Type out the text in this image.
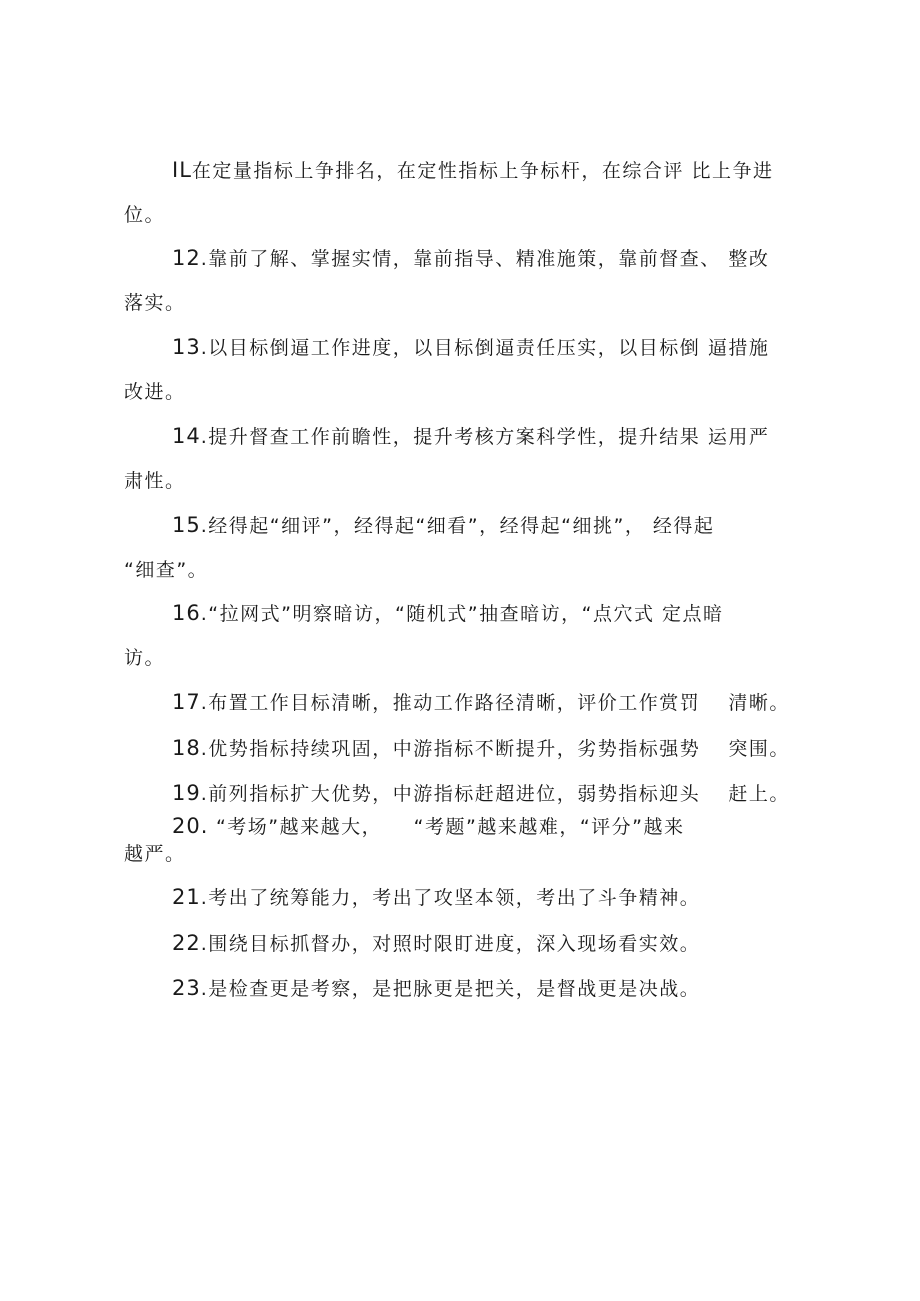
IL在定量指标上争排名，在定性指标上争标杆，在综合评 比上争进
位。
12.靠前了解、掌握实情，靠前指导、精准施策，靠前督查、 整改
落实。
13.以目标倒逼工作进度，以目标倒逼责任压实，以目标倒 逼措施
改进。
14.提升督查工作前瞻性，提升考核方案科学性，提升结果 运用严
肃性。
15.经得起“细评”，经得起“细看”，经得起“细挑”， 经得起
“细查”。
16.“拉网式”明察暗访，“随机式”抽查暗访，“点穴式 定点暗
访。
17.布置工作目标清晰，推动工作路径清晰，评价工作赏罚　 清晰。
18.优势指标持续巩固，中游指标不断提升，劣势指标强势　 突围。
19.前列指标扩大优势，中游指标赶超进位，弱势指标迎头　 赶上。
20. “考场”越来越大，　　“考题”越来越难，“评分”越来
越严。
21.考出了统筹能力，考出了攻坚本领，考出了斗争精神。
22.围绕目标抓督办，对照时限盯进度，深入现场看实效。
23.是检查更是考察，是把脉更是把关，是督战更是决战。
